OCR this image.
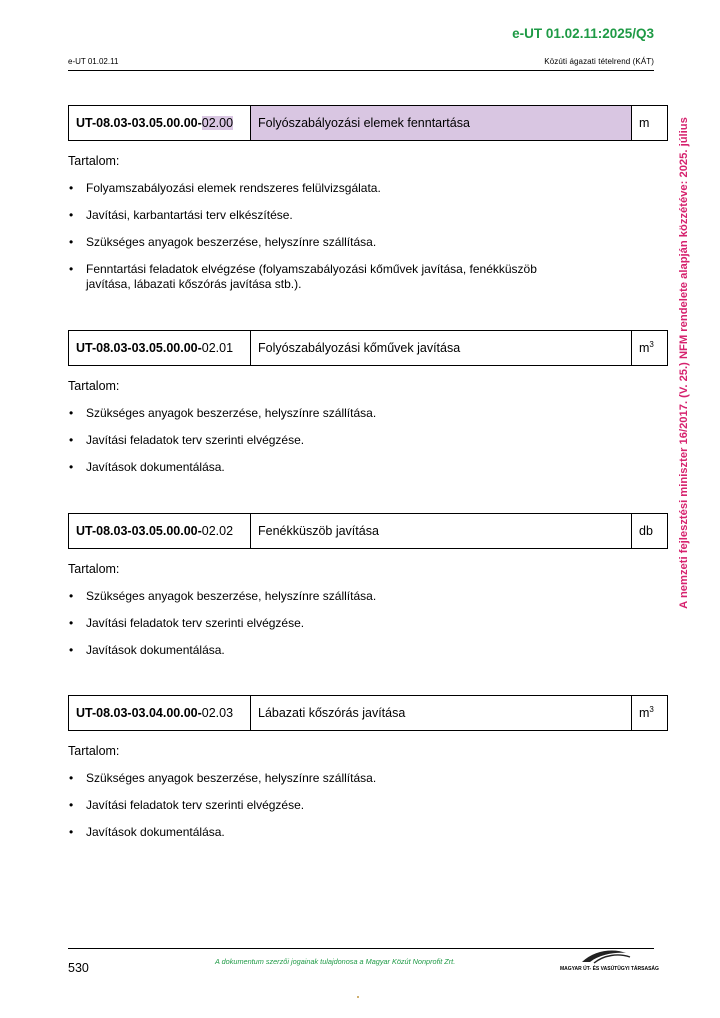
e-UT 01.02.11:2025/Q3
e-UT 01.02.11	Közúti ágazati tételrend (KÁT)
A nemzeti fejlesztési miniszter 16/2017. (V. 25.) NFM rendelete alapján közzétéve: 2025. július
UT-08.03-03.05.00.00-02.00	Folyószabályozási elemek fenntartása	m
Tartalom:
• Folyamszabályozási elemek rendszeres felülvizsgálata.
• Javítási, karbantartási terv elkészítése.
• Szükséges anyagok beszerzése, helyszínre szállítása.
• Fenntartási feladatok elvégzése (folyamszabályozási kőművek javítása, fenékküszöb javítása, lábazati kőszórás javítása stb.).
UT-08.03-03.05.00.00-02.01	Folyószabályozási kőművek javítása	$m^3$
Tartalom:
• Szükséges anyagok beszerzése, helyszínre szállítása.
• Javítási feladatok terv szerinti elvégzése.
• Javítások dokumentálása.
UT-08.03-03.05.00.00-02.02	Fenékküszöb javítása	db
Tartalom:
• Szükséges anyagok beszerzése, helyszínre szállítása.
• Javítási feladatok terv szerinti elvégzése.
• Javítások dokumentálása.
UT-08.03-03.04.00.00-02.03	Lábazati kőszórás javítása	$m^3$
Tartalom:
• Szükséges anyagok beszerzése, helyszínre szállítása.
• Javítási feladatok terv szerinti elvégzése.
• Javítások dokumentálása.
530	A dokumentum szerzői jogainak tulajdonosa a Magyar Közút Nonprofit Zrt.
MAGYAR ÚT- ÉS VASÚTÜGYI TÁRSASÁG
